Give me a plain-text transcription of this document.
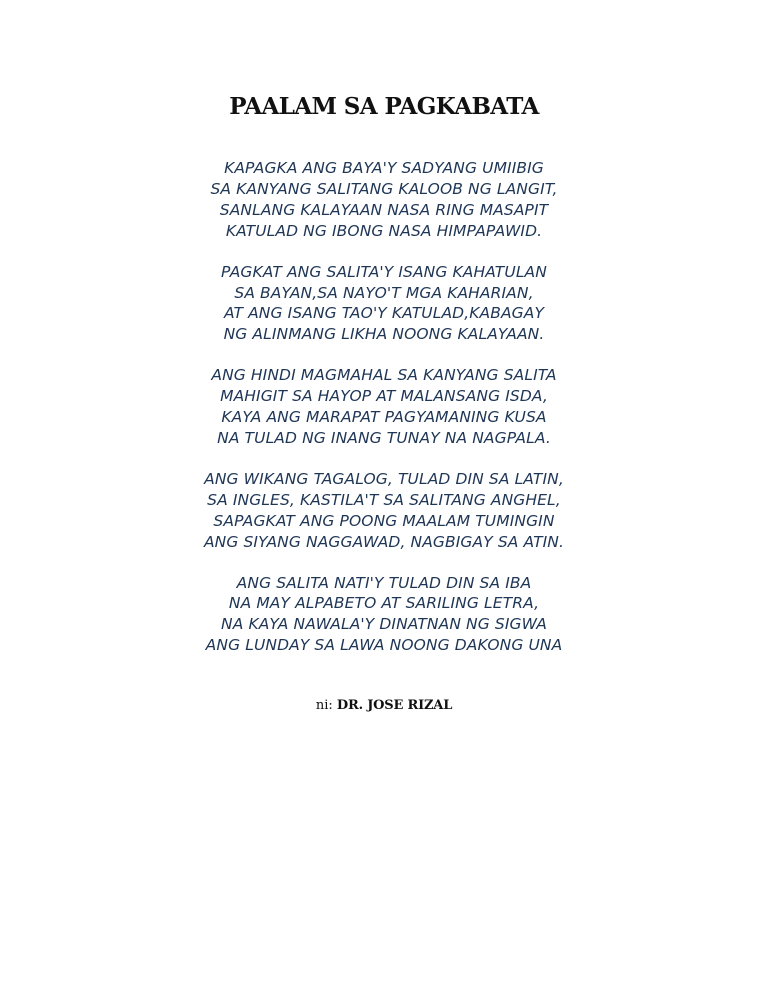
PAALAM SA PAGKABATA
KAPAGKA ANG BAYA'Y SADYANG UMIIBIG
SA KANYANG SALITANG KALOOB NG LANGIT,
SANLANG KALAYAAN NASA RING MASAPIT
KATULAD NG IBONG NASA HIMPAPAWID.
PAGKAT ANG SALITA'Y ISANG KAHATULAN
SA BAYAN,SA NAYO'T MGA KAHARIAN,
AT ANG ISANG TAO'Y KATULAD,KABAGAY
NG ALINMANG LIKHA NOONG KALAYAAN.
ANG HINDI MAGMAHAL SA KANYANG SALITA
MAHIGIT SA HAYOP AT MALANSANG ISDA,
KAYA ANG MARAPAT PAGYAMANING KUSA
NA TULAD NG INANG TUNAY NA NAGPALA.
ANG WIKANG TAGALOG, TULAD DIN SA LATIN,
SA INGLES, KASTILA'T SA SALITANG ANGHEL,
SAPAGKAT ANG POONG MAALAM TUMINGIN
ANG SIYANG NAGGAWAD, NAGBIGAY SA ATIN.
ANG SALITA NATI'Y TULAD DIN SA IBA
NA MAY ALPABETO AT SARILING LETRA,
NA KAYA NAWALA'Y DINATNAN NG SIGWA
ANG LUNDAY SA LAWA NOONG DAKONG UNA
ni: DR. JOSE RIZAL
